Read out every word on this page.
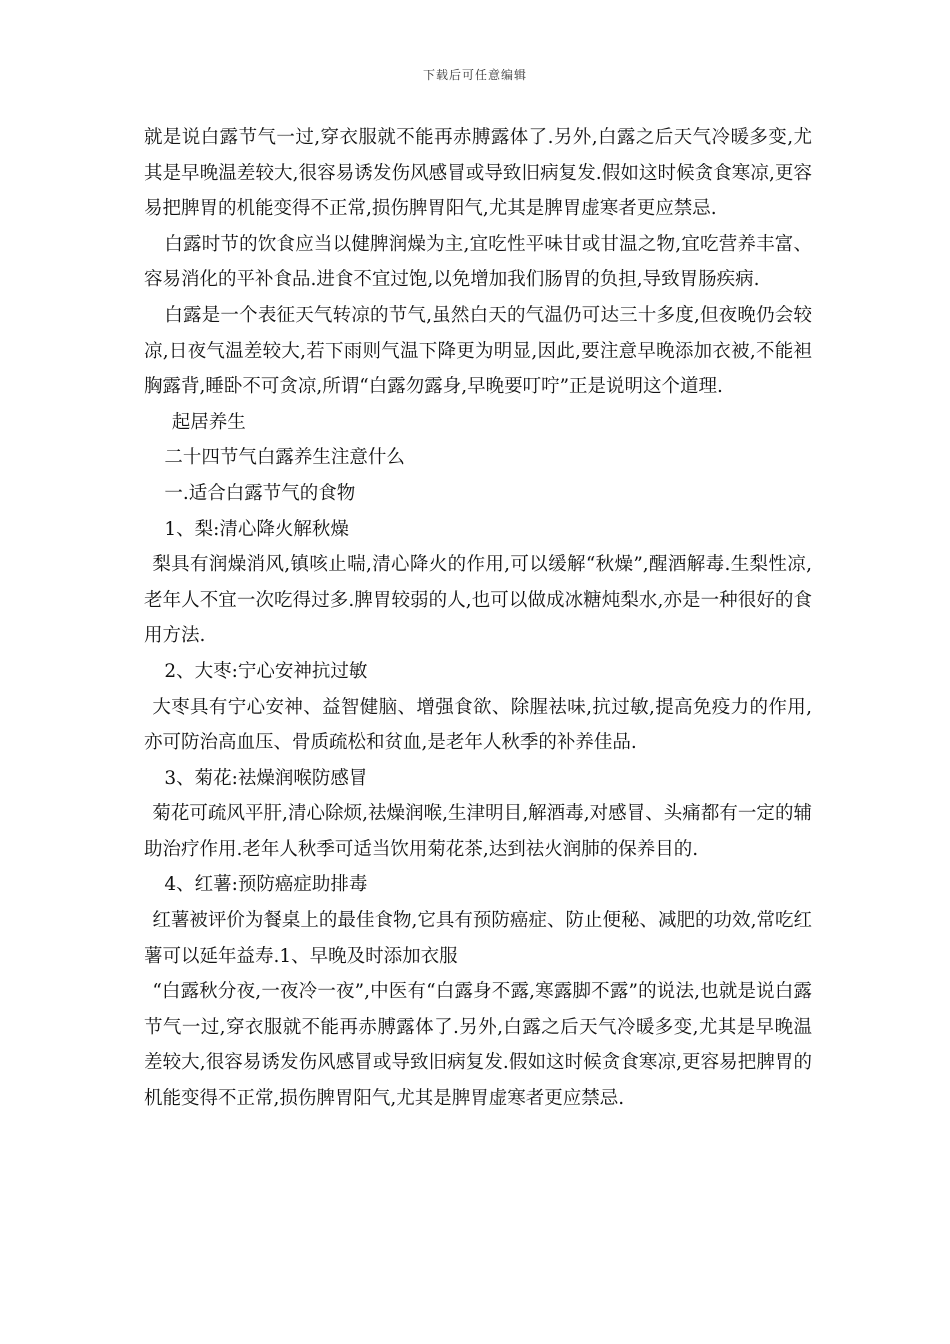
下载后可任意编辑

就是说白露节气一过,穿衣服就不能再赤膊露体了.另外,白露之后天气冷暖多变,尤其是早晚温差较大,很容易诱发伤风感冒或导致旧病复发.假如这时候贪食寒凉,更容易把脾胃的机能变得不正常,损伤脾胃阳气,尤其是脾胃虚寒者更应禁忌.

白露时节的饮食应当以健脾润燥为主,宜吃性平味甘或甘温之物,宜吃营养丰富、容易消化的平补食品.进食不宜过饱,以免增加我们肠胃的负担,导致胃肠疾病.

白露是一个表征天气转凉的节气,虽然白天的气温仍可达三十多度,但夜晚仍会较凉,日夜气温差较大,若下雨则气温下降更为明显,因此,要注意早晚添加衣被,不能袒胸露背,睡卧不可贪凉,所谓“白露勿露身,早晚要叮咛”正是说明这个道理.

起居养生

二十四节气白露养生注意什么

一.适合白露节气的食物

1、梨:清心降火解秋燥

梨具有润燥消风,镇咳止喘,清心降火的作用,可以缓解“秋燥”,醒酒解毒.生梨性凉,老年人不宜一次吃得过多.脾胃较弱的人,也可以做成冰糖炖梨水,亦是一种很好的食用方法.

2、大枣:宁心安神抗过敏

大枣具有宁心安神、益智健脑、增强食欲、除腥祛味,抗过敏,提高免疫力的作用,亦可防治高血压、骨质疏松和贫血,是老年人秋季的补养佳品.

3、菊花:祛燥润喉防感冒

菊花可疏风平肝,清心除烦,祛燥润喉,生津明目,解酒毒,对感冒、头痛都有一定的辅助治疗作用.老年人秋季可适当饮用菊花茶,达到祛火润肺的保养目的.

4、红薯:预防癌症助排毒

红薯被评价为餐桌上的最佳食物,它具有预防癌症、防止便秘、减肥的功效,常吃红薯可以延年益寿.1、早晚及时添加衣服

“白露秋分夜,一夜冷一夜”,中医有“白露身不露,寒露脚不露”的说法,也就是说白露节气一过,穿衣服就不能再赤膊露体了.另外,白露之后天气冷暖多变,尤其是早晚温差较大,很容易诱发伤风感冒或导致旧病复发.假如这时候贪食寒凉,更容易把脾胃的机能变得不正常,损伤脾胃阳气,尤其是脾胃虚寒者更应禁忌.
